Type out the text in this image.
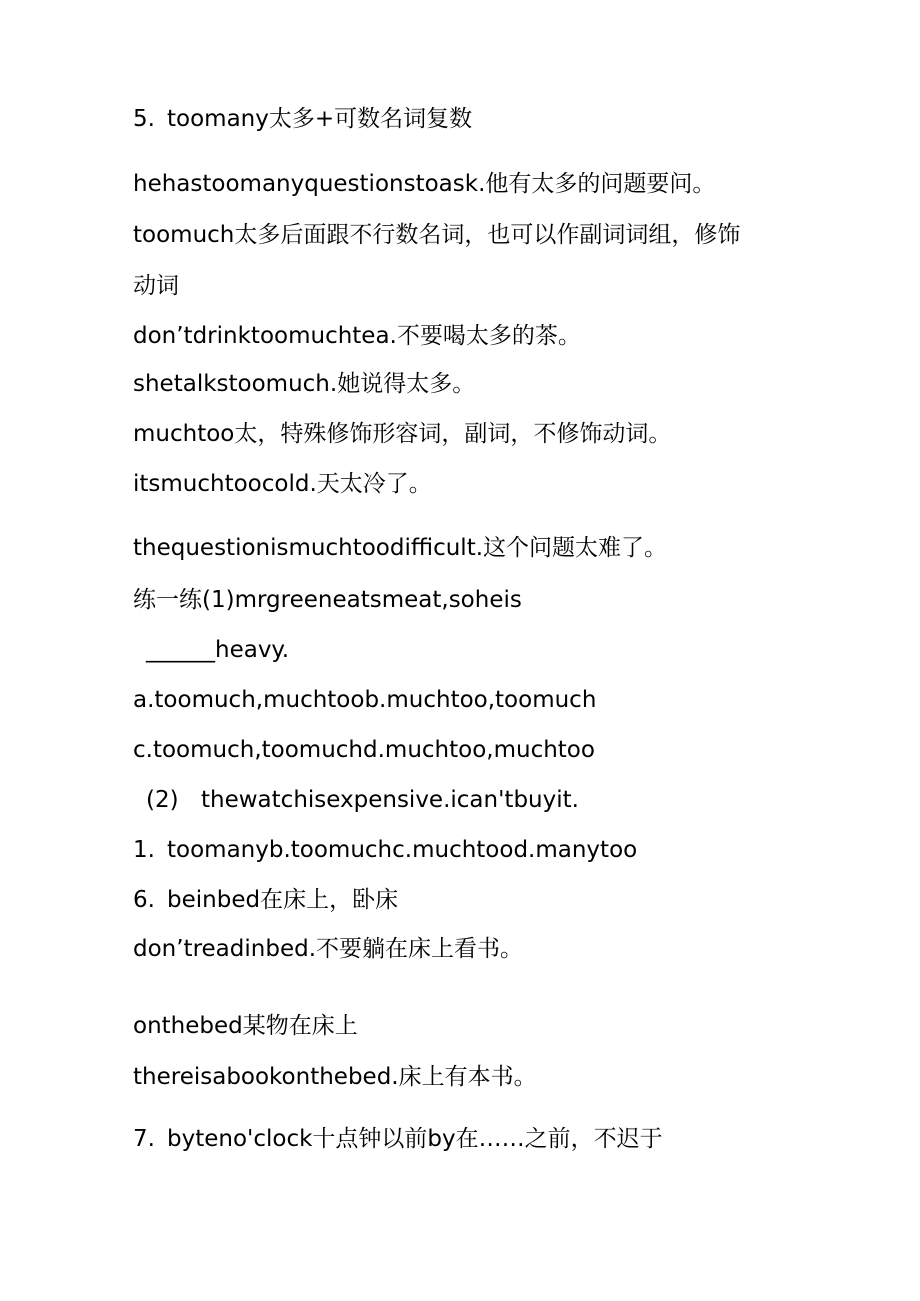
5. toomany太多+可数名词复数
hehastoomanyquestionstoask.他有太多的问题要问。
toomuch太多后面跟不行数名词，也可以作副词词组，修饰
动词
don’tdrinktoomuchtea.不要喝太多的茶。
shetalkstoomuch.她说得太多。
muchtoo太，特殊修饰形容词，副词，不修饰动词。
itsmuchtoocold.天太冷了。
thequestionismuchtoodifficult.这个问题太难了。
练一练(1)mrgreeneatsmeat,soheis
______heavy.
a.toomuch,muchtoob.muchtoo,toomuch
c.toomuch,toomuchd.muchtoo,muchtoo
(2) thewatchisexpensive.ican'tbuyit.
1. toomanyb.toomuchc.muchtood.manytoo
6. beinbed在床上，卧床
don’treadinbed.不要躺在床上看书。
onthebed某物在床上
thereisabookonthebed.床上有本书。
7. byteno'clock十点钟以前by在……之前，不迟于
